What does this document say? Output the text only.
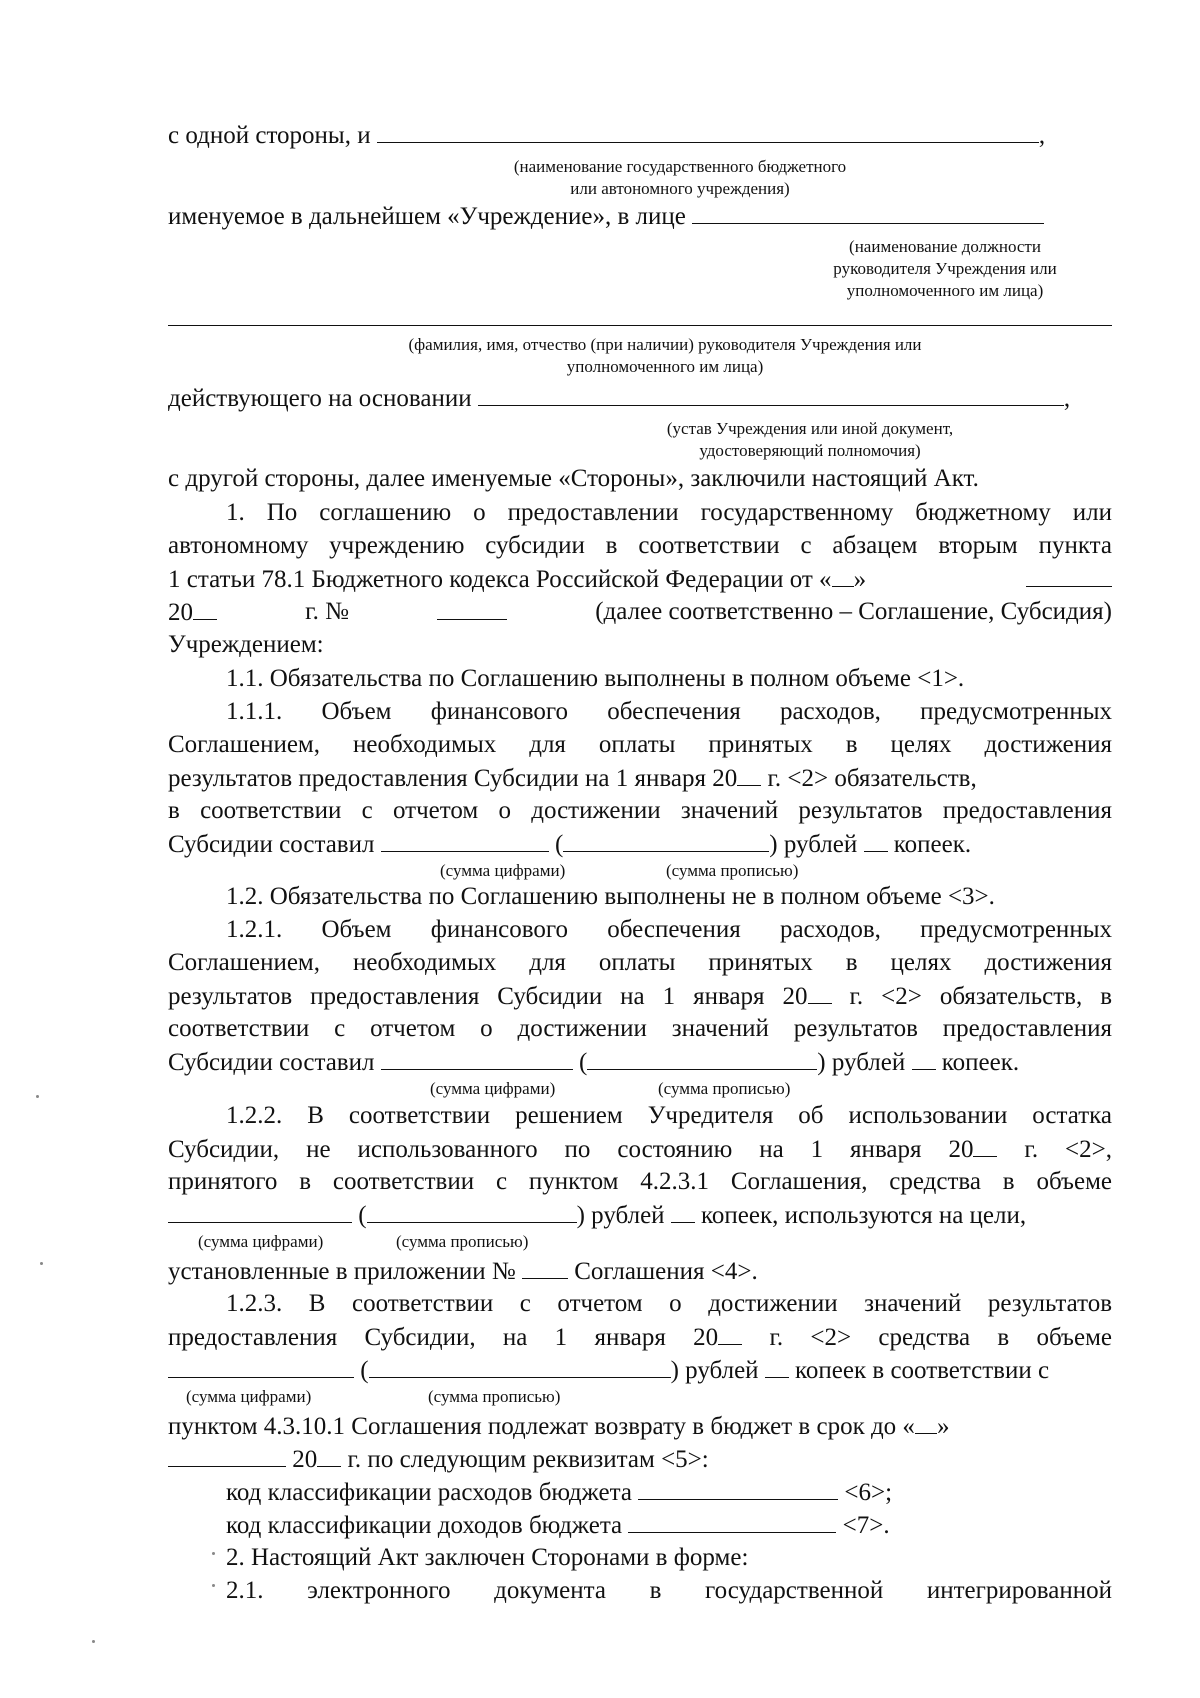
с одной стороны, и	,
(наименование государственного бюджетного
или автономного учреждения)
именуемое в дальнейшем «Учреждение», в лице
(наименование должности
руководителя Учреждения или
уполномоченного им лица)
(фамилия, имя, отчество (при наличии) руководителя Учреждения или
уполномоченного им лица)
действующего на основании	,
(устав Учреждения или иной документ,
удостоверяющий полномочия)
с другой стороны, далее именуемые «Стороны», заключили настоящий Акт.
1. По соглашению о предоставлении государственному бюджетному или
автономному учреждению субсидии в соответствии с абзацем вторым пункта
1 статьи 78.1 Бюджетного кодекса Российской Федерации от « »
20	г. №	(далее соответственно – Соглашение, Субсидия)
Учреждением:
1.1. Обязательства по Соглашению выполнены в полном объеме <1>.
1.1.1. Объем финансового обеспечения расходов, предусмотренных
Соглашением, необходимых для оплаты принятых в целях достижения
результатов предоставления Субсидии на 1 января 20 г. <2> обязательств,
в соответствии с отчетом о достижении значений результатов предоставления
Субсидии составил	(	) рублей копеек.
(сумма цифрами)	(сумма прописью)
1.2. Обязательства по Соглашению выполнены не в полном объеме <3>.
1.2.1. Объем финансового обеспечения расходов, предусмотренных
Соглашением, необходимых для оплаты принятых в целях достижения
результатов предоставления Субсидии на 1 января 20 г. <2> обязательств, в
соответствии с отчетом о достижении значений результатов предоставления
Субсидии составил	(	) рублей копеек.
(сумма цифрами)	(сумма прописью)
1.2.2. В соответствии решением Учредителя об использовании остатка
Субсидии, не использованного по состоянию на 1 января 20 г. <2>,
принятого в соответствии с пунктом 4.2.3.1 Соглашения, средства в объеме
(	) рублей копеек, используются на цели,
(сумма цифрами)	(сумма прописью)
установленные в приложении № Соглашения <4>.
1.2.3. В соответствии с отчетом о достижении значений результатов
предоставления Субсидии, на 1 января 20 г. <2> средства в объеме
(	) рублей копеек в соответствии с
(сумма цифрами)	(сумма прописью)
пунктом 4.3.10.1 Соглашения подлежат возврату в бюджет в срок до « »
20 г. по следующим реквизитам <5>:
код классификации расходов бюджета	<6>;
код классификации доходов бюджета	<7>.
2. Настоящий Акт заключен Сторонами в форме:
2.1. электронного документа в государственной интегрированной
